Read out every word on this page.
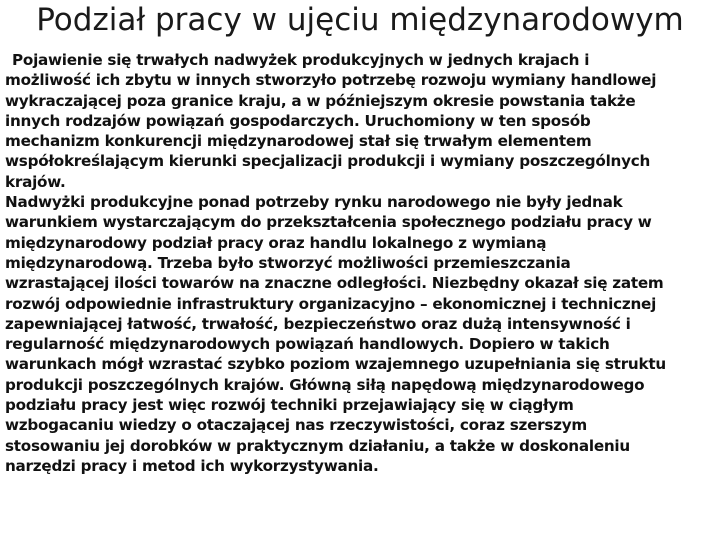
Podział pracy w ujęciu międzynarodowym
Pojawienie się trwałych nadwyżek produkcyjnych w jednych krajach i
możliwość ich zbytu w innych stworzyło potrzebę rozwoju wymiany handlowej
wykraczającej poza granice kraju, a w późniejszym okresie powstania także
innych rodzajów powiązań gospodarczych. Uruchomiony w ten sposób
mechanizm konkurencji międzynarodowej stał się trwałym elementem
współokreślającym kierunki specjalizacji produkcji i wymiany poszczególnych
krajów.
Nadwyżki produkcyjne ponad potrzeby rynku narodowego nie były jednak
warunkiem wystarczającym do przekształcenia społecznego podziału pracy w
międzynarodowy podział pracy oraz handlu lokalnego z wymianą
międzynarodową. Trzeba było stworzyć możliwości przemieszczania
wzrastającej ilości towarów na znaczne odległości. Niezbędny okazał się zatem
rozwój odpowiednie infrastruktury organizacyjno – ekonomicznej i technicznej
zapewniającej łatwość, trwałość, bezpieczeństwo oraz dużą intensywność i
regularność międzynarodowych powiązań handlowych. Dopiero w takich
warunkach mógł wzrastać szybko poziom wzajemnego uzupełniania się struktu
produkcji poszczególnych krajów. Główną siłą napędową międzynarodowego
podziału pracy jest więc rozwój techniki przejawiający się w ciągłym
wzbogacaniu wiedzy o otaczającej nas rzeczywistości, coraz szerszym
stosowaniu jej dorobków w praktycznym działaniu, a także w doskonaleniu
narzędzi pracy i metod ich wykorzystywania.
